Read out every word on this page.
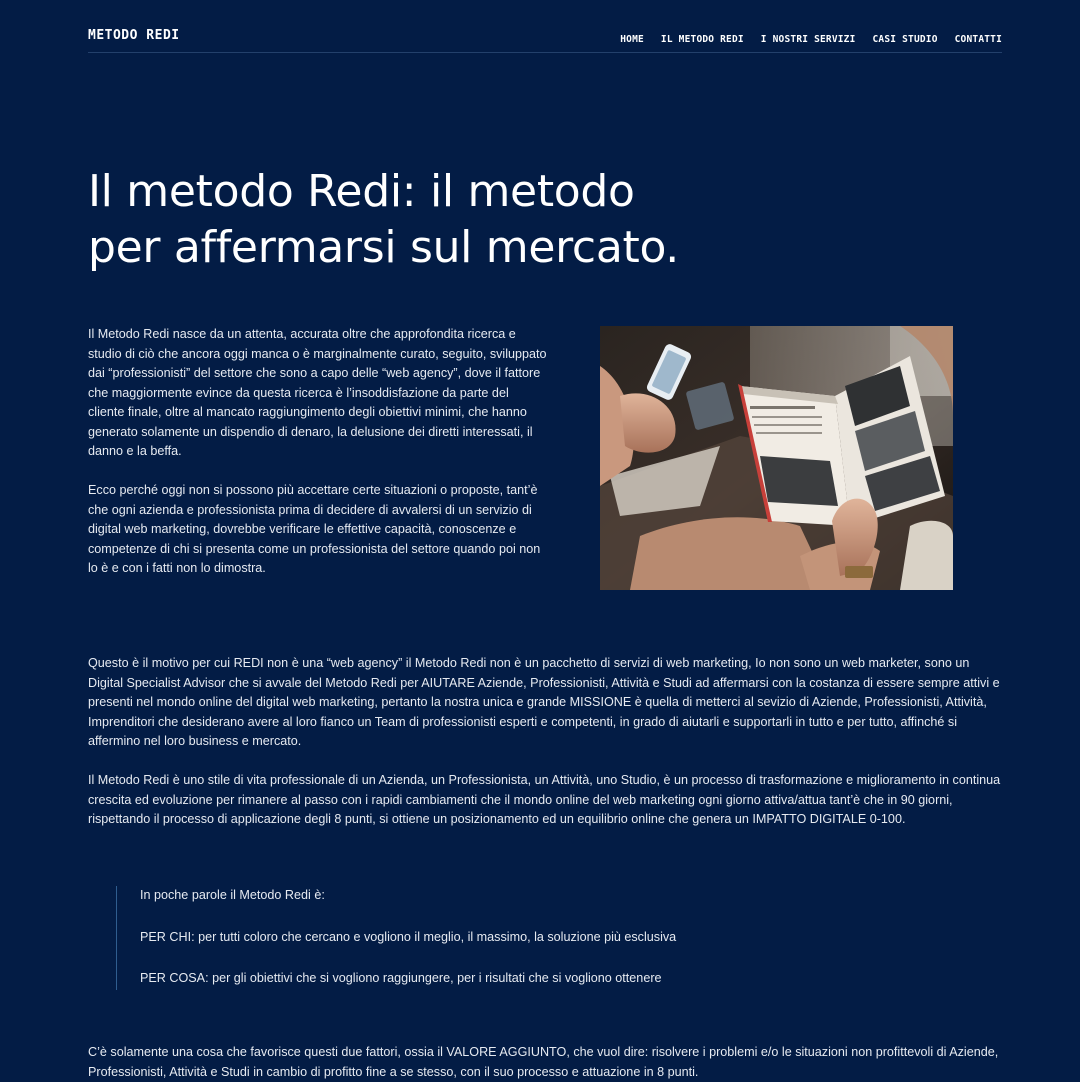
METODO REDI	HOME IL METODO REDI I NOSTRI SERVIZI CASI STUDIO CONTATTI
Il metodo Redi: il metodo
per affermarsi sul mercato.

Il Metodo Redi nasce da un attenta, accurata oltre che approfondita ricerca e studio di ciò che ancora oggi manca o è marginalmente curato, seguito, sviluppato dai “professionisti” del settore che sono a capo delle “web agency”, dove il fattore che maggiormente evince da questa ricerca è l’insoddisfazione da parte del cliente finale, oltre al mancato raggiungimento degli obiettivi minimi, che hanno generato solamente un dispendio di denaro, la delusione dei diretti interessati, il danno e la beffa.

Ecco perché oggi non si possono più accettare certe situazioni o proposte, tant’è che ogni azienda e professionista prima di decidere di avvalersi di un servizio di digital web marketing, dovrebbe verificare le effettive capacità, conoscenze e competenze di chi si presenta come un professionista del settore quando poi non lo è e con i fatti non lo dimostra.

Questo è il motivo per cui REDI non è una “web agency” il Metodo Redi non è un pacchetto di servizi di web marketing, Io non sono un web marketer, sono un Digital Specialist Advisor che si avvale del Metodo Redi per AIUTARE Aziende, Professionisti, Attività e Studi ad affermarsi con la costanza di essere sempre attivi e presenti nel mondo online del digital web marketing, pertanto la nostra unica e grande MISSIONE è quella di metterci al sevizio di Aziende, Professionisti, Attività, Imprenditori che desiderano avere al loro fianco un Team di professionisti esperti e competenti, in grado di aiutarli e supportarli in tutto e per tutto, affinché si affermino nel loro business e mercato.

Il Metodo Redi è uno stile di vita professionale di un Azienda, un Professionista, un Attività, uno Studio, è un processo di trasformazione e miglioramento in continua crescita ed evoluzione per rimanere al passo con i rapidi cambiamenti che il mondo online del web marketing ogni giorno attiva/attua tant’è che in 90 giorni, rispettando il processo di applicazione degli 8 punti, si ottiene un posizionamento ed un equilibrio online che genera un IMPATTO DIGITALE 0-100.

In poche parole il Metodo Redi è:

PER CHI: per tutti coloro che cercano e vogliono il meglio, il massimo, la soluzione più esclusiva

PER COSA: per gli obiettivi che si vogliono raggiungere, per i risultati che si vogliono ottenere

C’è solamente una cosa che favorisce questi due fattori, ossia il VALORE AGGIUNTO, che vuol dire: risolvere i problemi e/o le situazioni non profittevoli di Aziende, Professionisti, Attività e Studi in cambio di profitto fine a se stesso, con il suo processo e attuazione in 8 punti.
